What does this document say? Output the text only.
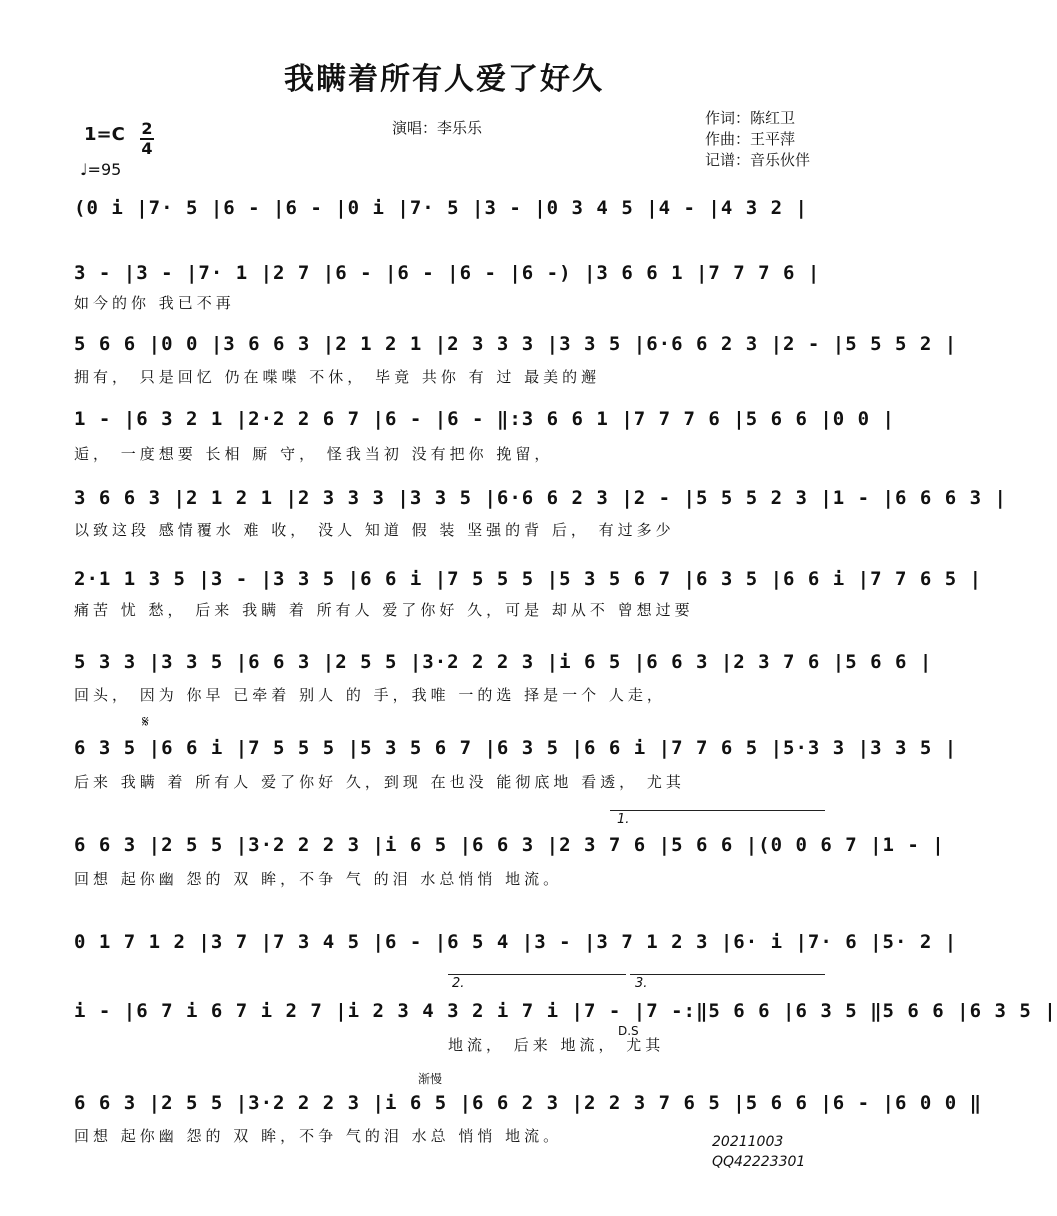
我瞒着所有人爱了好久
演唱：李乐乐
作词：陈红卫
作曲：王平萍
记谱：音乐伙伴
1=C 2
4
♩=95
(0 i |7· 5 |6 - |6 - |0 i |7· 5 |3 - |0 3 4 5 |4 - |4 3 2 |
3 - |3 - |7· 1 |2 7 |6 - |6 - |6 - |6 -) |3 6 6 1 |7 7 7 6 |
如今的你 我已不再
5 6 6 |0 0 |3 6 6 3 |2 1 2 1 |2 3 3 3 |3 3 5 |6·6 6 2 3 |2 - |5 5 5 2 |
拥有， 只是回忆 仍在喋喋 不休， 毕竟 共你 有 过 最美的邂
1 - |6 3 2 1 |2·2 2 6 7 |6 - |6 - ‖:3 6 6 1 |7 7 7 6 |5 6 6 |0 0 |
逅， 一度想要 长相 厮 守， 怪我当初 没有把你 挽留，
3 6 6 3 |2 1 2 1 |2 3 3 3 |3 3 5 |6·6 6 2 3 |2 - |5 5 5 2 3 |1 - |6 6 6 3 |
以致这段 感情覆水 难 收， 没人 知道 假 装 坚强的背 后， 有过多少
2·1 1 3 5 |3 - |3 3 5 |6 6 i |7 5 5 5 |5 3 5 6 7 |6 3 5 |6 6 i |7 7 6 5 |
痛苦 忧 愁， 后来 我瞒 着 所有人 爱了你好 久，可是 却从不 曾想过要
5 3 3 |3 3 5 |6 6 3 |2 5 5 |3·2 2 2 3 |i 6 5 |6 6 3 |2 3 7 6 |5 6 6 |
回头， 因为 你早 已牵着 别人 的 手，我唯 一的选 择是一个 人走，
𝄋
6 3 5 |6 6 i |7 5 5 5 |5 3 5 6 7 |6 3 5 |6 6 i |7 7 6 5 |5·3 3 |3 3 5 |
后来 我瞒 着 所有人 爱了你好 久，到现 在也没 能彻底地 看透， 尤其
1.
6 6 3 |2 5 5 |3·2 2 2 3 |i 6 5 |6 6 3 |2 3 7 6 |5 6 6 |(0 0 6 7 |1 - |
回想 起你幽 怨的 双 眸，不争 气 的泪 水总悄悄 地流。
0 1 7 1 2 |3 7 |7 3 4 5 |6 - |6 5 4 |3 - |3 7 1 2 3 |6· i |7· 6 |5· 2 |
2.	3.
i - |6 7 i 6 7 i 2 7 |i 2 3 4 3 2 i 7 i |7 - |7 -:‖5 6 6 |6 3 5 ‖5 6 6 |6 3 5 |
D.S
地流， 后来 地流， 尤其
渐慢
6 6 3 |2 5 5 |3·2 2 2 3 |i 6 5 |6 6 2 3 |2 2 3 7 6 5 |5 6 6 |6 - |6 0 0 ‖
回想 起你幽 怨的 双 眸，不争 气的泪 水总 悄悄 地流。	20211003
QQ42223301
